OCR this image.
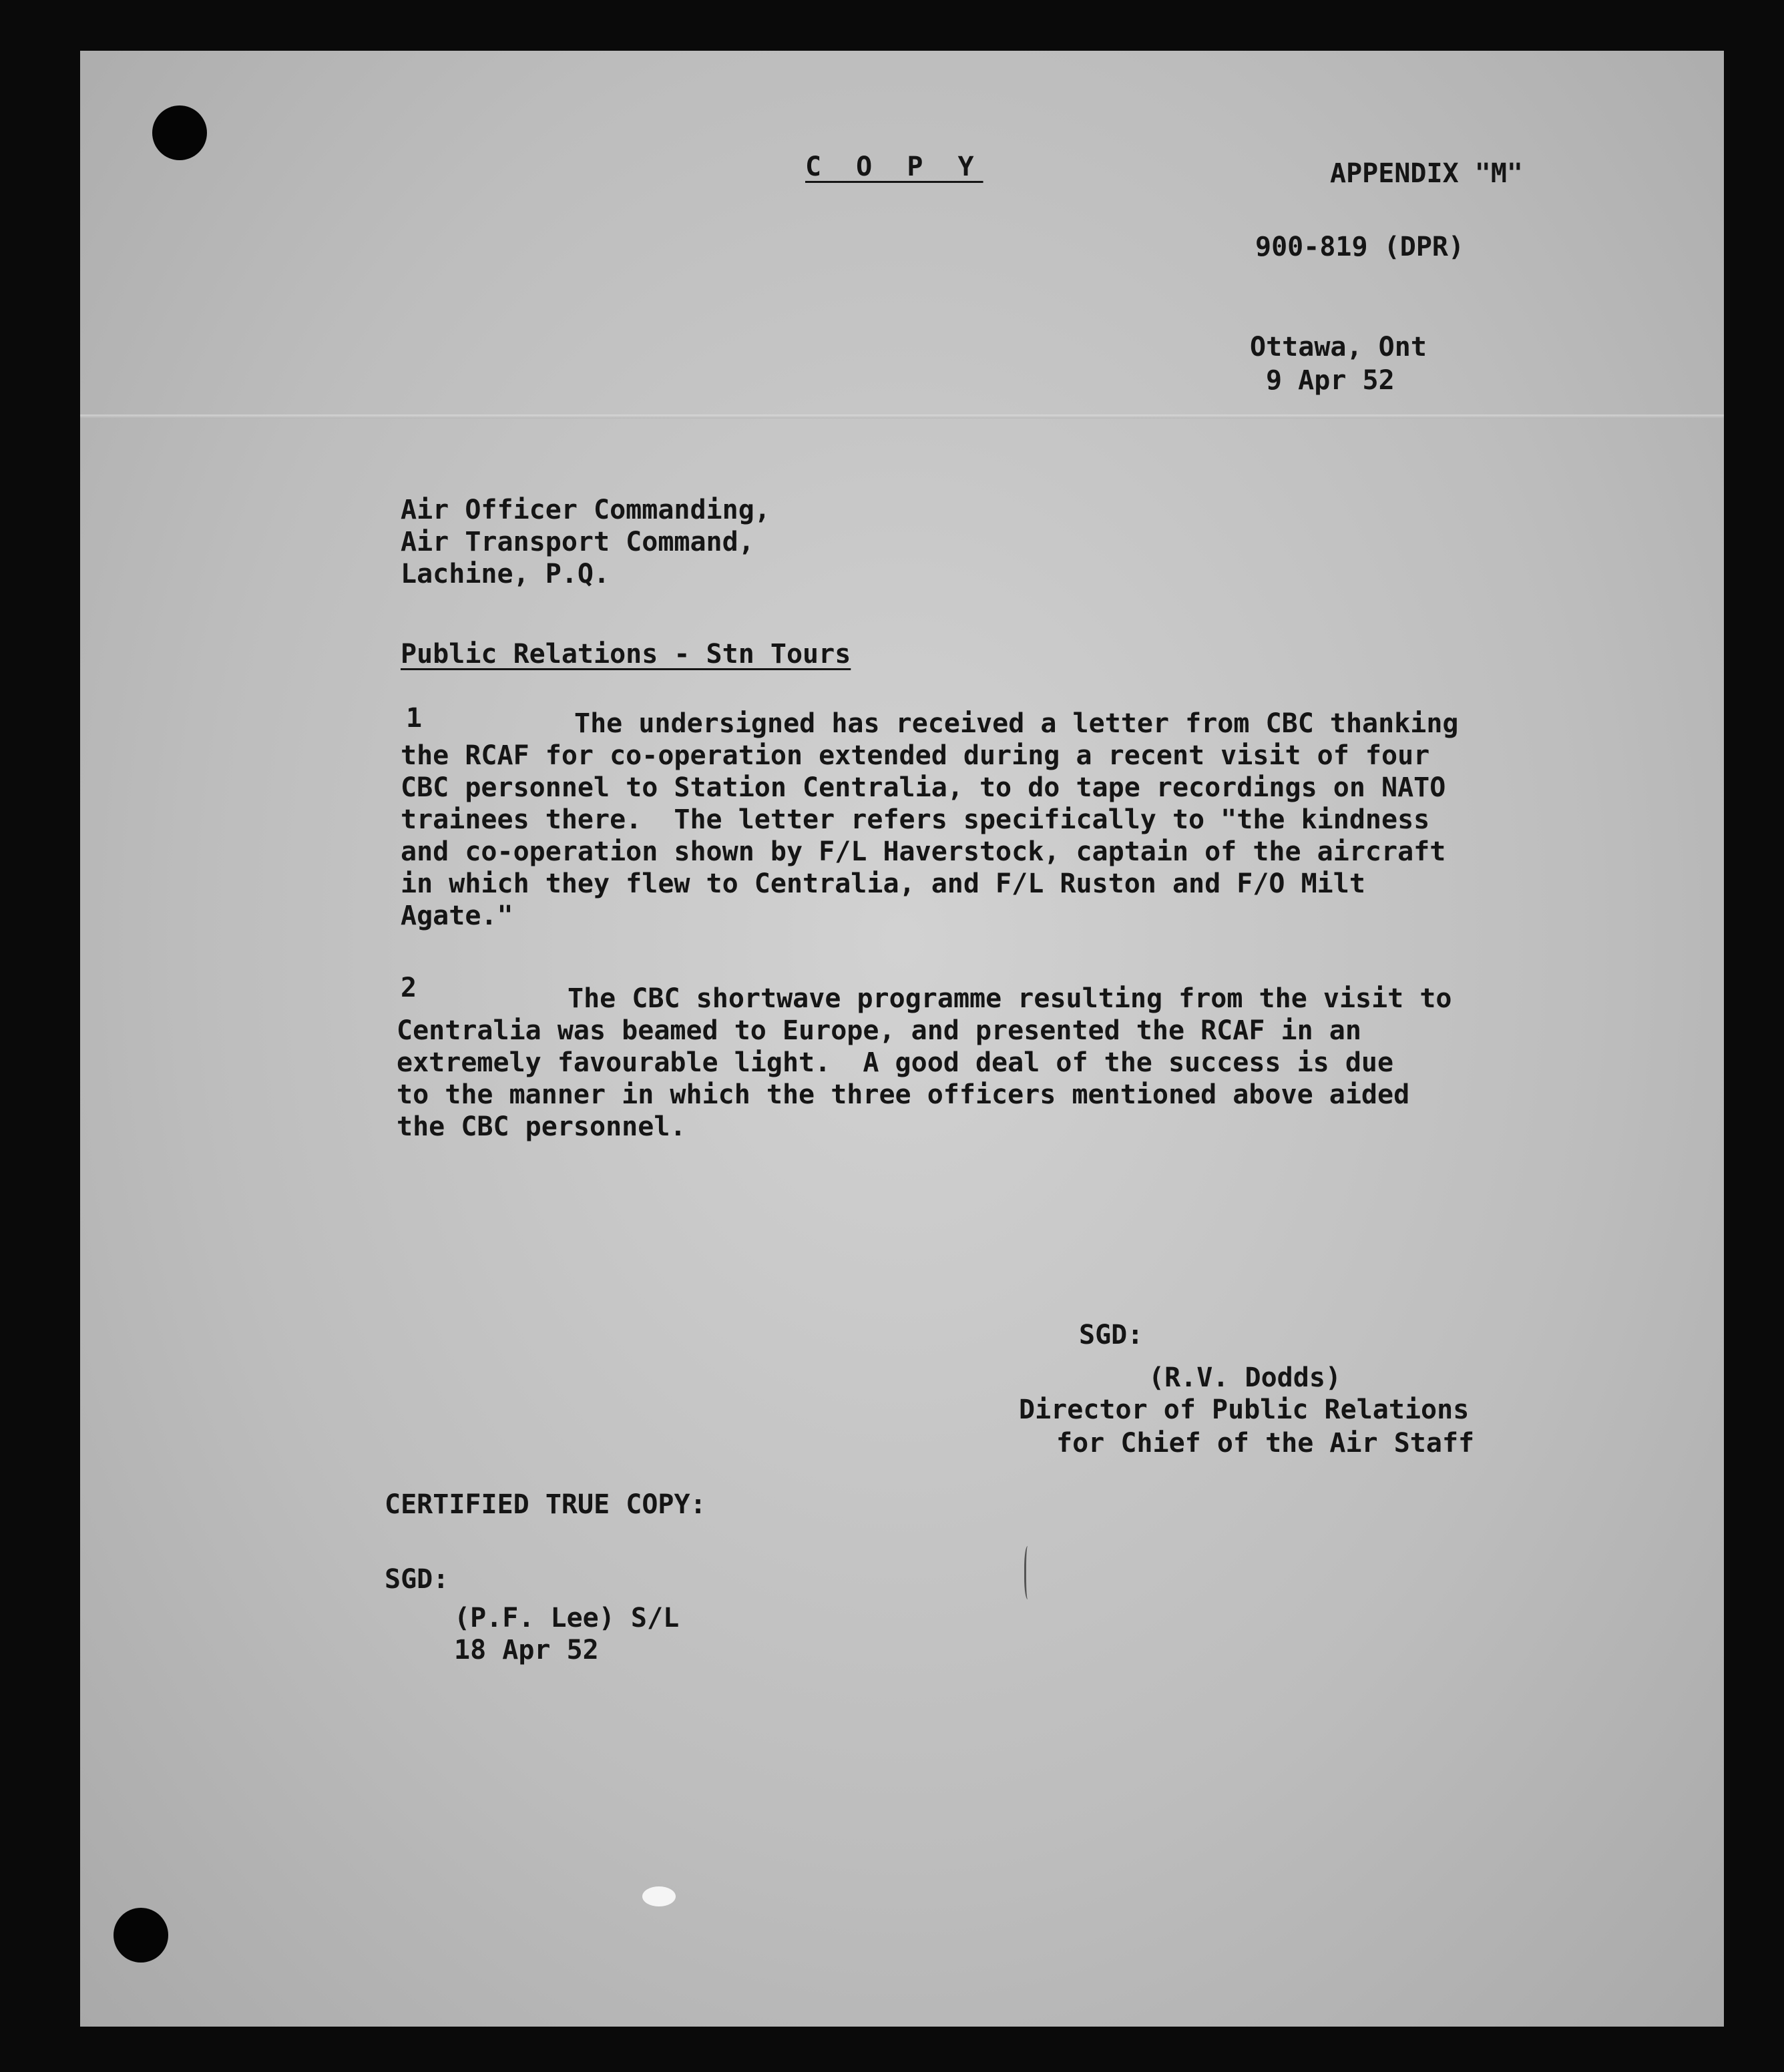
C O P Y	APPENDIX "M"
900-819 (DPR)
Ottawa, Ont
9 Apr 52
Air Officer Commanding,
Air Transport Command,
Lachine, P.Q.
Public Relations - Stn Tours
1	The undersigned has received a letter from CBC thanking
the RCAF for co-operation extended during a recent visit of four
CBC personnel to Station Centralia, to do tape recordings on NATO
trainees there.  The letter refers specifically to "the kindness
and co-operation shown by F/L Haverstock, captain of the aircraft
in which they flew to Centralia, and F/L Ruston and F/O Milt
Agate."
2	The CBC shortwave programme resulting from the visit to
Centralia was beamed to Europe, and presented the RCAF in an
extremely favourable light.  A good deal of the success is due
to the manner in which the three officers mentioned above aided
the CBC personnel.
SGD:
(R.V. Dodds)
Director of Public Relations
for Chief of the Air Staff
CERTIFIED TRUE COPY:
SGD:
(P.F. Lee) S/L
18 Apr 52
